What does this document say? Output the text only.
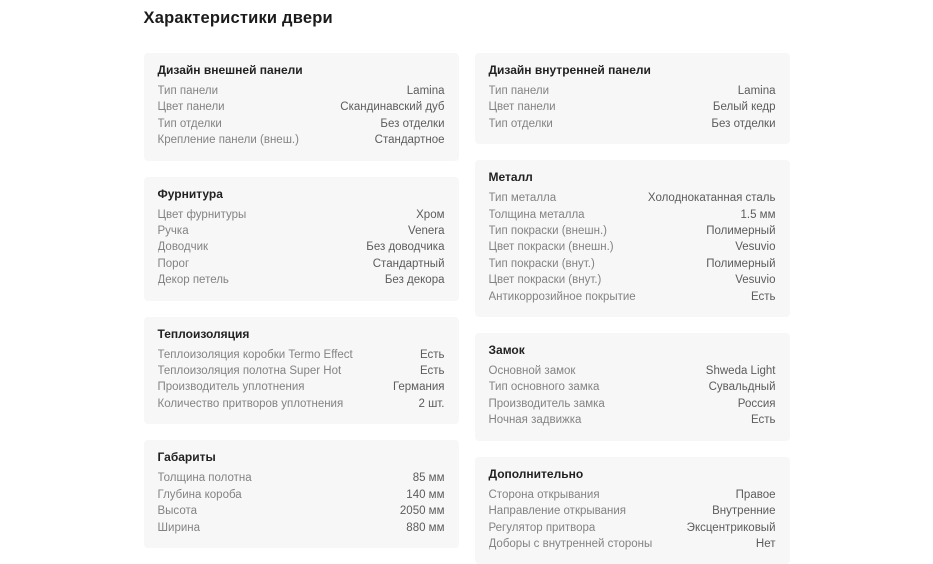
Характеристики двери
Дизайн внешней панели
Тип панели	Lamina
Цвет панели	Скандинавский дуб
Тип отделки	Без отделки
Крепление панели (внеш.)	Стандартное
Фурнитура
Цвет фурнитуры	Хром
Ручка	Venera
Доводчик	Без доводчика
Порог	Стандартный
Декор петель	Без декора
Теплоизоляция
Теплоизоляция коробки Termo Effect	Есть
Теплоизоляция полотна Super Hot	Есть
Производитель уплотнения	Германия
Количество притворов уплотнения	2 шт.
Габариты
Толщина полотна	85 мм
Глубина короба	140 мм
Высота	2050 мм
Ширина	880 мм
Дизайн внутренней панели
Тип панели	Lamina
Цвет панели	Белый кедр
Тип отделки	Без отделки
Металл
Тип металла	Холоднокатанная сталь
Толщина металла	1.5 мм
Тип покраски (внешн.)	Полимерный
Цвет покраски (внешн.)	Vesuvio
Тип покраски (внут.)	Полимерный
Цвет покраски (внут.)	Vesuvio
Антикоррозийное покрытие	Есть
Замок
Основной замок	Shweda Light
Тип основного замка	Сувальдный
Производитель замка	Россия
Ночная задвижка	Есть
Дополнительно
Сторона открывания	Правое
Направление открывания	Внутренние
Регулятор притвора	Эксцентриковый
Доборы с внутренней стороны	Нет
